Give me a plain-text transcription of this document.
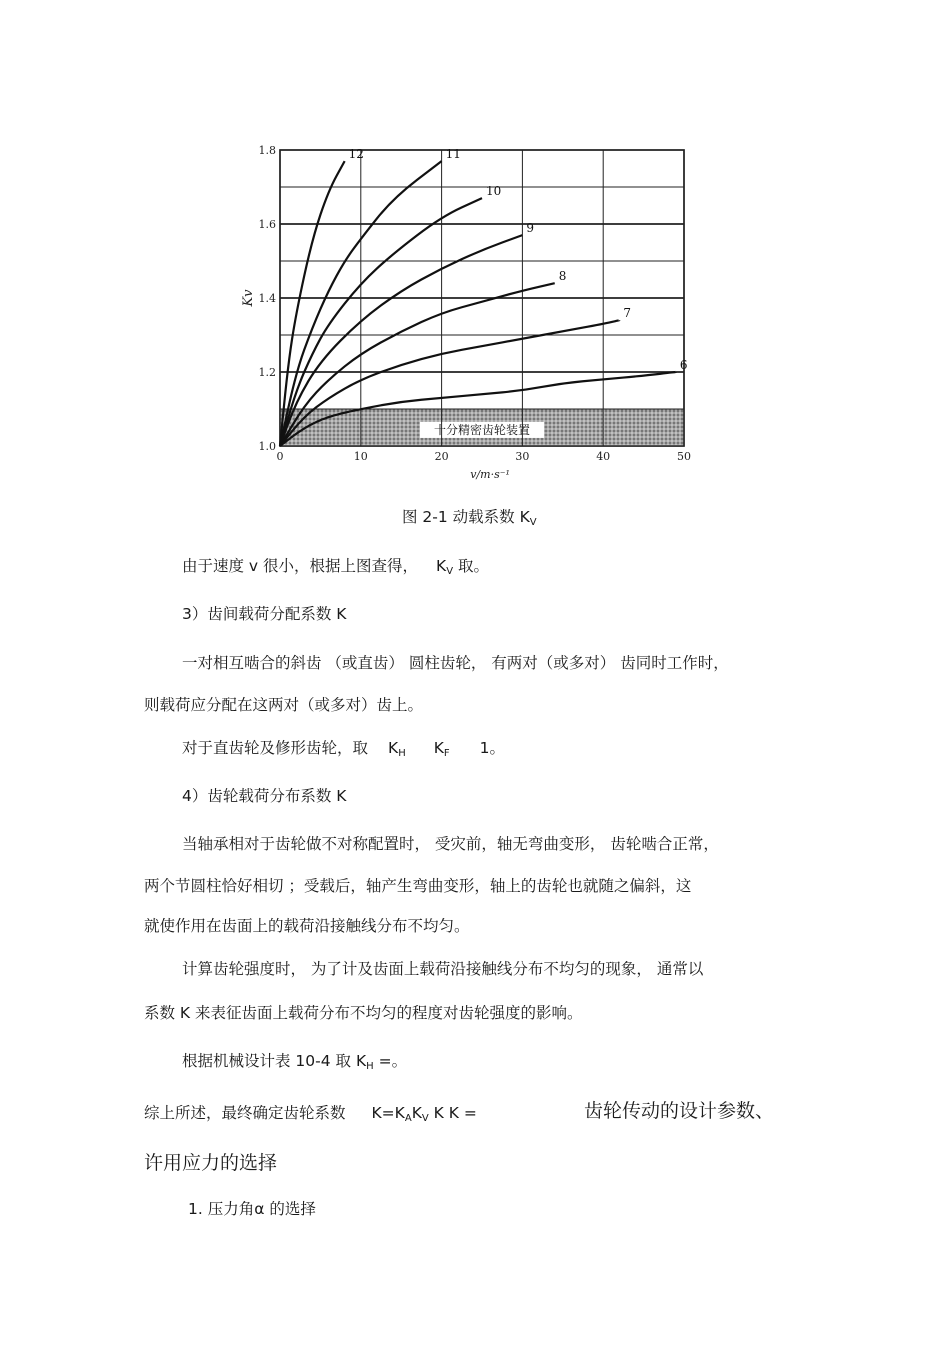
十分精密齿轮装置
0	10	20	30	40	50
1.0
1.2
1.4
1.6
1.8
v/m·s⁻¹
Kv
12	11
10
9
8
7
6
图 2-1 动载系数 $K_V$
由于速度 v 很小，根据上图查得， $K_V$ 取。
3）齿间载荷分配系数 K
一对相互啮合的斜齿 （或直齿） 圆柱齿轮， 有两对（或多对） 齿同时工作时，
则载荷应分配在这两对（或多对）齿上。
对于直齿轮及修形齿轮，取 $K_H$ $K_F$ 1。
4）齿轮载荷分布系数 K
当轴承相对于齿轮做不对称配置时， 受灾前，轴无弯曲变形， 齿轮啮合正常，
两个节圆柱恰好相切 ；受载后，轴产生弯曲变形，轴上的齿轮也就随之偏斜，这
就使作用在齿面上的载荷沿接触线分布不均匀。
计算齿轮强度时， 为了计及齿面上载荷沿接触线分布不均匀的现象， 通常以
系数 K 来表征齿面上载荷分布不均匀的程度对齿轮强度的影响。
根据机械设计表 10-4 取 $K_H$ =。
综上所述，最终确定齿轮系数 $K=K_AK_V$ K K =	齿轮传动的设计参数、
许用应力的选择
1. 压力角α 的选择
